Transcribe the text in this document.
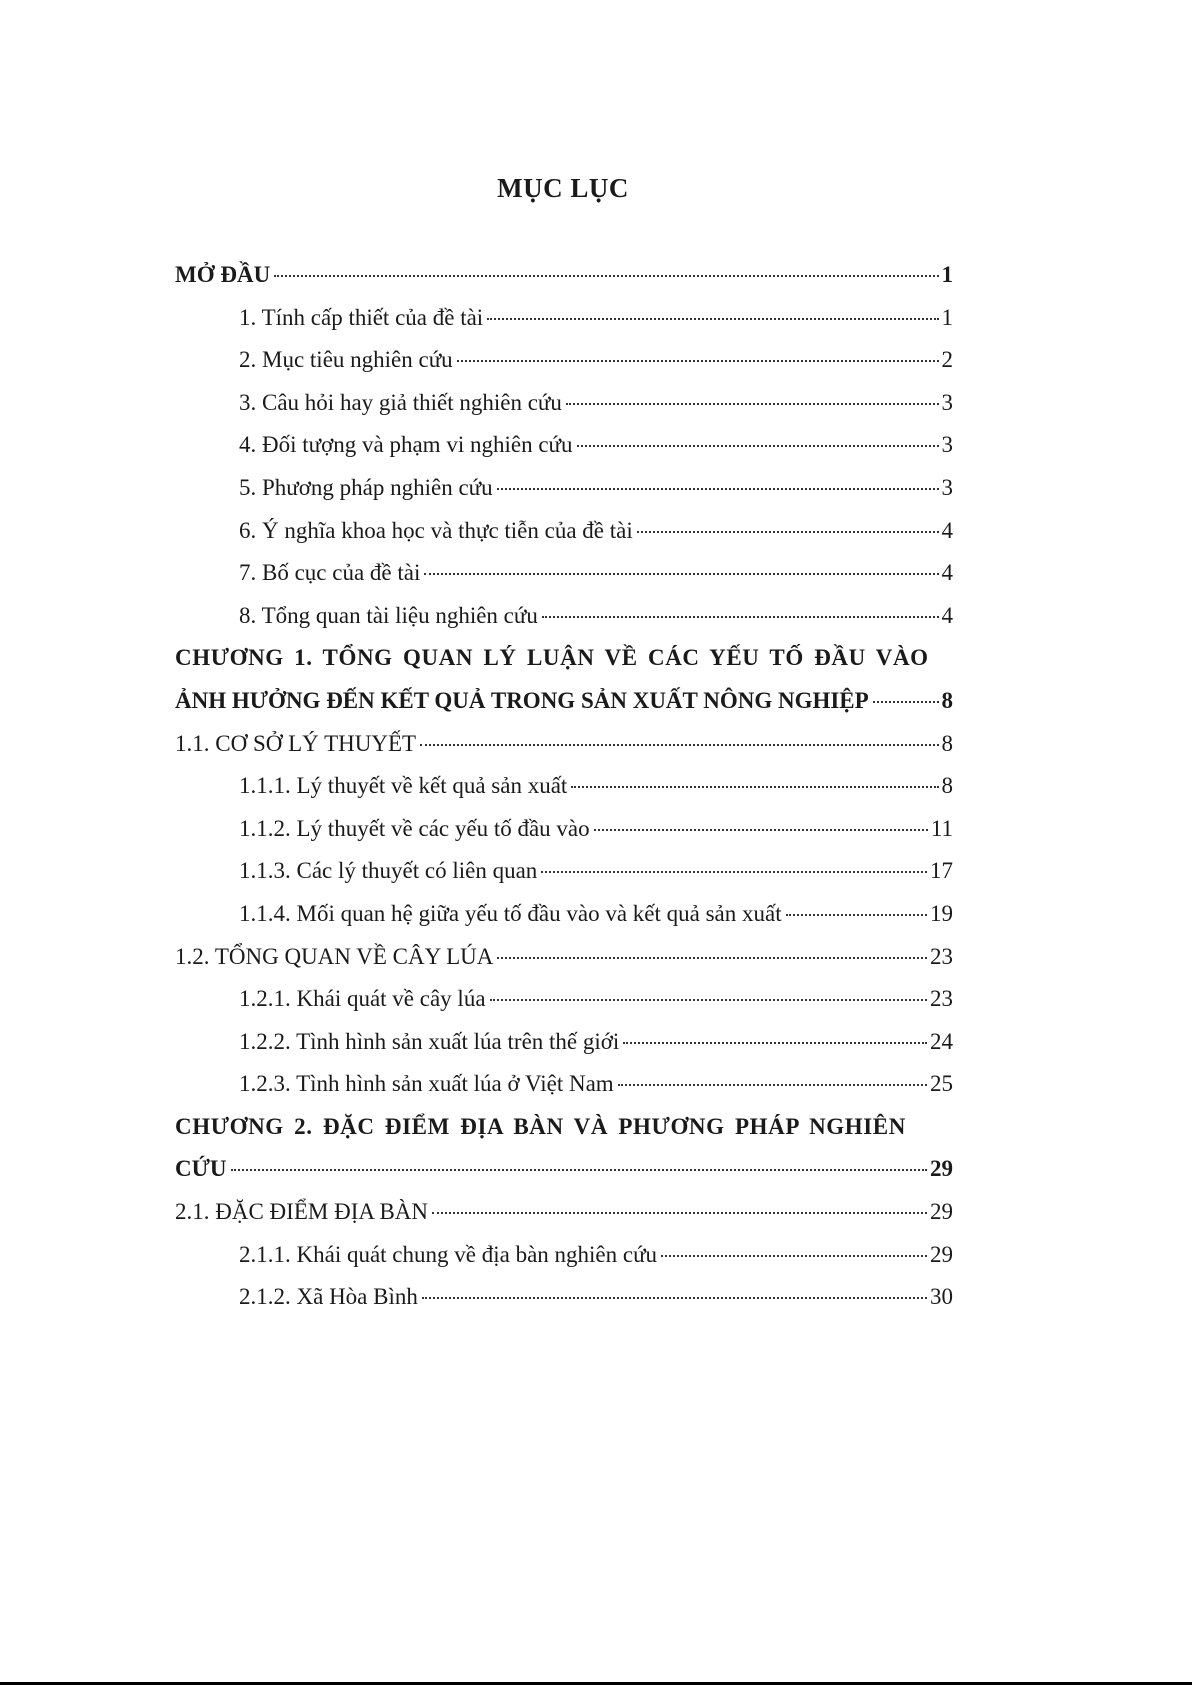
MỤC LỤC
MỞ ĐẦU	1
1. Tính cấp thiết của đề tài	1
2. Mục tiêu nghiên cứu	2
3. Câu hỏi hay giả thiết nghiên cứu	3
4. Đối tượng và phạm vi nghiên cứu	3
5. Phương pháp nghiên cứu	3
6. Ý nghĩa khoa học và thực tiễn của đề tài	4
7. Bố cục của đề tài	4
8. Tổng quan tài liệu nghiên cứu	4
CHƯƠNG 1. TỔNG QUAN LÝ LUẬN VỀ CÁC YẾU TỐ ĐẦU VÀO
ẢNH HƯỞNG ĐẾN KẾT QUẢ TRONG SẢN XUẤT NÔNG NGHIỆP	8
1.1. CƠ SỞ LÝ THUYẾT	8
1.1.1. Lý thuyết về kết quả sản xuất	8
1.1.2. Lý thuyết về các yếu tố đầu vào	11
1.1.3. Các lý thuyết có liên quan	17
1.1.4. Mối quan hệ giữa yếu tố đầu vào và kết quả sản xuất	19
1.2. TỔNG QUAN VỀ CÂY LÚA	23
1.2.1. Khái quát về cây lúa	23
1.2.2. Tình hình sản xuất lúa trên thế giới	24
1.2.3. Tình hình sản xuất lúa ở Việt Nam	25
CHƯƠNG 2. ĐẶC ĐIỂM ĐỊA BÀN VÀ PHƯƠNG PHÁP NGHIÊN
CỨU	29
2.1. ĐẶC ĐIỂM ĐỊA BÀN	29
2.1.1. Khái quát chung về địa bàn nghiên cứu	29
2.1.2. Xã Hòa Bình	30
